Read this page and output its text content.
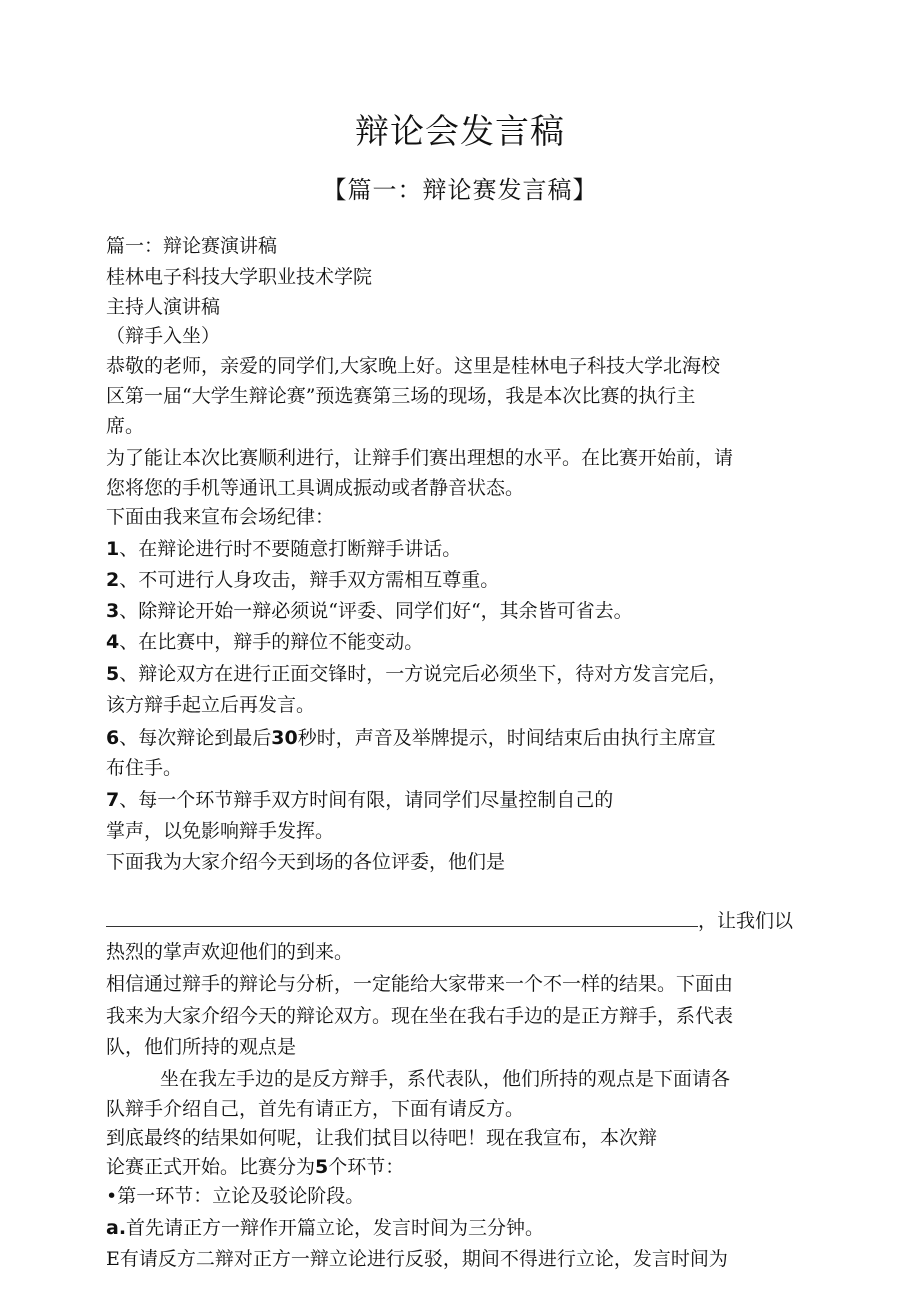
辩论会发言稿
【篇一：辩论赛发言稿】
篇一：辩论赛演讲稿
桂林电子科技大学职业技术学院
主持人演讲稿
（辩手入坐）
恭敬的老师，亲爱的同学们,大家晚上好。这里是桂林电子科技大学北海校
区第一届“大学生辩论赛”预选赛第三场的现场，我是本次比赛的执行主
席。
为了能让本次比赛顺利进行，让辩手们赛出理想的水平。在比赛开始前，请
您将您的手机等通讯工具调成振动或者静音状态。
下面由我来宣布会场纪律：
1、在辩论进行时不要随意打断辩手讲话。
2、不可进行人身攻击，辩手双方需相互尊重。
3、除辩论开始一辩必须说“评委、同学们好“，其余皆可省去。
4、在比赛中，辩手的辩位不能变动。
5、辩论双方在进行正面交锋时，一方说完后必须坐下，待对方发言完后，
该方辩手起立后再发言。
6、每次辩论到最后30秒时，声音及举牌提示，时间结束后由执行主席宣
布住手。
7、每一个环节辩手双方时间有限，请同学们尽量控制自己的
掌声，以免影响辩手发挥。
下面我为大家介绍今天到场的各位评委，他们是
，让我们以
热烈的掌声欢迎他们的到来。
相信通过辩手的辩论与分析，一定能给大家带来一个不一样的结果。下面由
我来为大家介绍今天的辩论双方。现在坐在我右手边的是正方辩手，系代表
队，他们所持的观点是
坐在我左手边的是反方辩手，系代表队，他们所持的观点是下面请各
队辩手介绍自己，首先有请正方，下面有请反方。
到底最终的结果如何呢，让我们拭目以待吧！现在我宣布，本次辩
论赛正式开始。比赛分为5个环节：
•第一环节：立论及驳论阶段。
a.首先请正方一辩作开篇立论，发言时间为三分钟。
E有请反方二辩对正方一辩立论进行反驳，期间不得进行立论，发言时间为
